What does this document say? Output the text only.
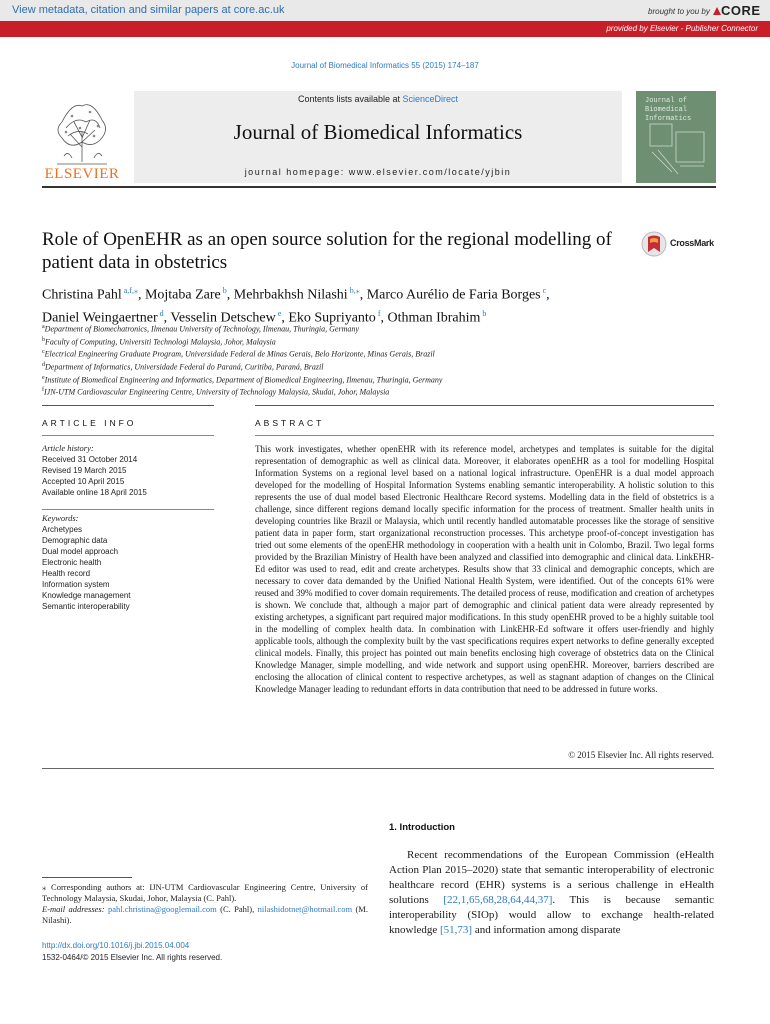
View metadata, citation and similar papers at core.ac.uk	brought to you by CORE
provided by Elsevier - Publisher Connector
Journal of Biomedical Informatics 55 (2015) 174–187
ELSEVIER
Contents lists available at ScienceDirect
Journal of Biomedical Informatics
journal homepage: www.elsevier.com/locate/yjbin
Journal of Biomedical Informatics
Role of OpenEHR as an open source solution for the regional modelling of patient data in obstetrics
CrossMark
Christina Pahl $^{a,f,⁎}$, Mojtaba Zare $^b$, Mehrbakhsh Nilashi $^{b,⁎}$, Marco Aurélio de Faria Borges $^c$,
Daniel Weingaertner $^d$, Vesselin Detschew $^e$, Eko Supriyanto $^f$, Othman Ibrahim $^b$
$^a$Department of Biomechatronics, Ilmenau University of Technology, Ilmenau, Thuringia, Germany
$^b$Faculty of Computing, Universiti Technologi Malaysia, Johor, Malaysia
$^c$Electrical Engineering Graduate Program, Universidade Federal de Minas Gerais, Belo Horizonte, Minas Gerais, Brazil
$^d$Department of Informatics, Universidade Federal do Paraná, Curitiba, Paraná, Brazil
$^e$Institute of Biomedical Engineering and Informatics, Department of Biomedical Engineering, Ilmenau, Thuringia, Germany
$^f$IJN-UTM Cardiovascular Engineering Centre, University of Technology Malaysia, Skudai, Johor, Malaysia
ARTICLE INFO	ABSTRACT
Article history:
Received 31 October 2014
Revised 19 March 2015
Accepted 10 April 2015
Available online 18 April 2015
Keywords:
Archetypes
Demographic data
Dual model approach
Electronic health
Health record
Information system
Knowledge management
Semantic interoperability
This work investigates, whether openEHR with its reference model, archetypes and templates is suitable for the digital representation of demographic as well as clinical data. Moreover, it elaborates openEHR as a tool for modelling Hospital Information Systems on a regional level based on a national logical infrastructure. OpenEHR is a dual model approach developed for the modelling of Hospital Information Systems enabling semantic interoperability. A holistic solution to this represents the use of dual model based Electronic Healthcare Record systems. Modelling data in the field of obstetrics is a challenge, since different regions demand locally specific information for the process of treatment. Smaller health units in developing countries like Brazil or Malaysia, which until recently handled automatable processes like the storage of sensitive patient data in paper form, start organizational reconstruction processes. This archetype proof-of-concept investigation has tried out some elements of the openEHR methodology in cooperation with a health unit in Colombo, Brazil. Two legal forms provided by the Brazilian Ministry of Health have been analyzed and classified into demographic and clinical data. LinkEHR-Ed editor was used to read, edit and create archetypes. Results show that 33 clinical and demographic concepts, which are necessary to cover data demanded by the Unified National Health System, were identified. Out of the concepts 61% were reused and 39% modified to cover domain requirements. The detailed process of reuse, modification and creation of archetypes is shown. We conclude that, although a major part of demographic and clinical patient data were already represented by existing archetypes, a significant part required major modifications. In this study openEHR proved to be a highly suitable tool in the modelling of complex health data. In combination with LinkEHR-Ed software it offers user-friendly and highly applicable tools, although the complexity built by the vast specifications requires expert networks to define generally excepted clinical models. Finally, this project has pointed out main benefits enclosing high coverage of obstetrics data on the Clinical Knowledge Manager, simple modelling, and wide network and support using openEHR. Moreover, barriers described are enclosing the allocation of clinical content to respective archetypes, as well as stagnant adaption of changes on the Clinical Knowledge Manager leading to redundant efforts in data contribution that need to be addressed in future works.
© 2015 Elsevier Inc. All rights reserved.
1. Introduction
Recent recommendations of the European Commission (eHealth Action Plan 2015–2020) state that semantic interoperability of electronic healthcare record (EHR) systems is a serious challenge in eHealth solutions [22,1,65,68,28,64,44,37]. This is because semantic interoperability (SIOp) would allow to exchange health-related knowledge [51,73] and information among disparate
⁎ Corresponding authors at: IJN-UTM Cardiovascular Engineering Centre, University of Technology Malaysia, Skudai, Johor, Malaysia (C. Pahl).
E-mail addresses: pahl.christina@googlemail.com (C. Pahl), nilashidotnet@hotmail.com (M. Nilashi).
http://dx.doi.org/10.1016/j.jbi.2015.04.004
1532-0464/© 2015 Elsevier Inc. All rights reserved.
